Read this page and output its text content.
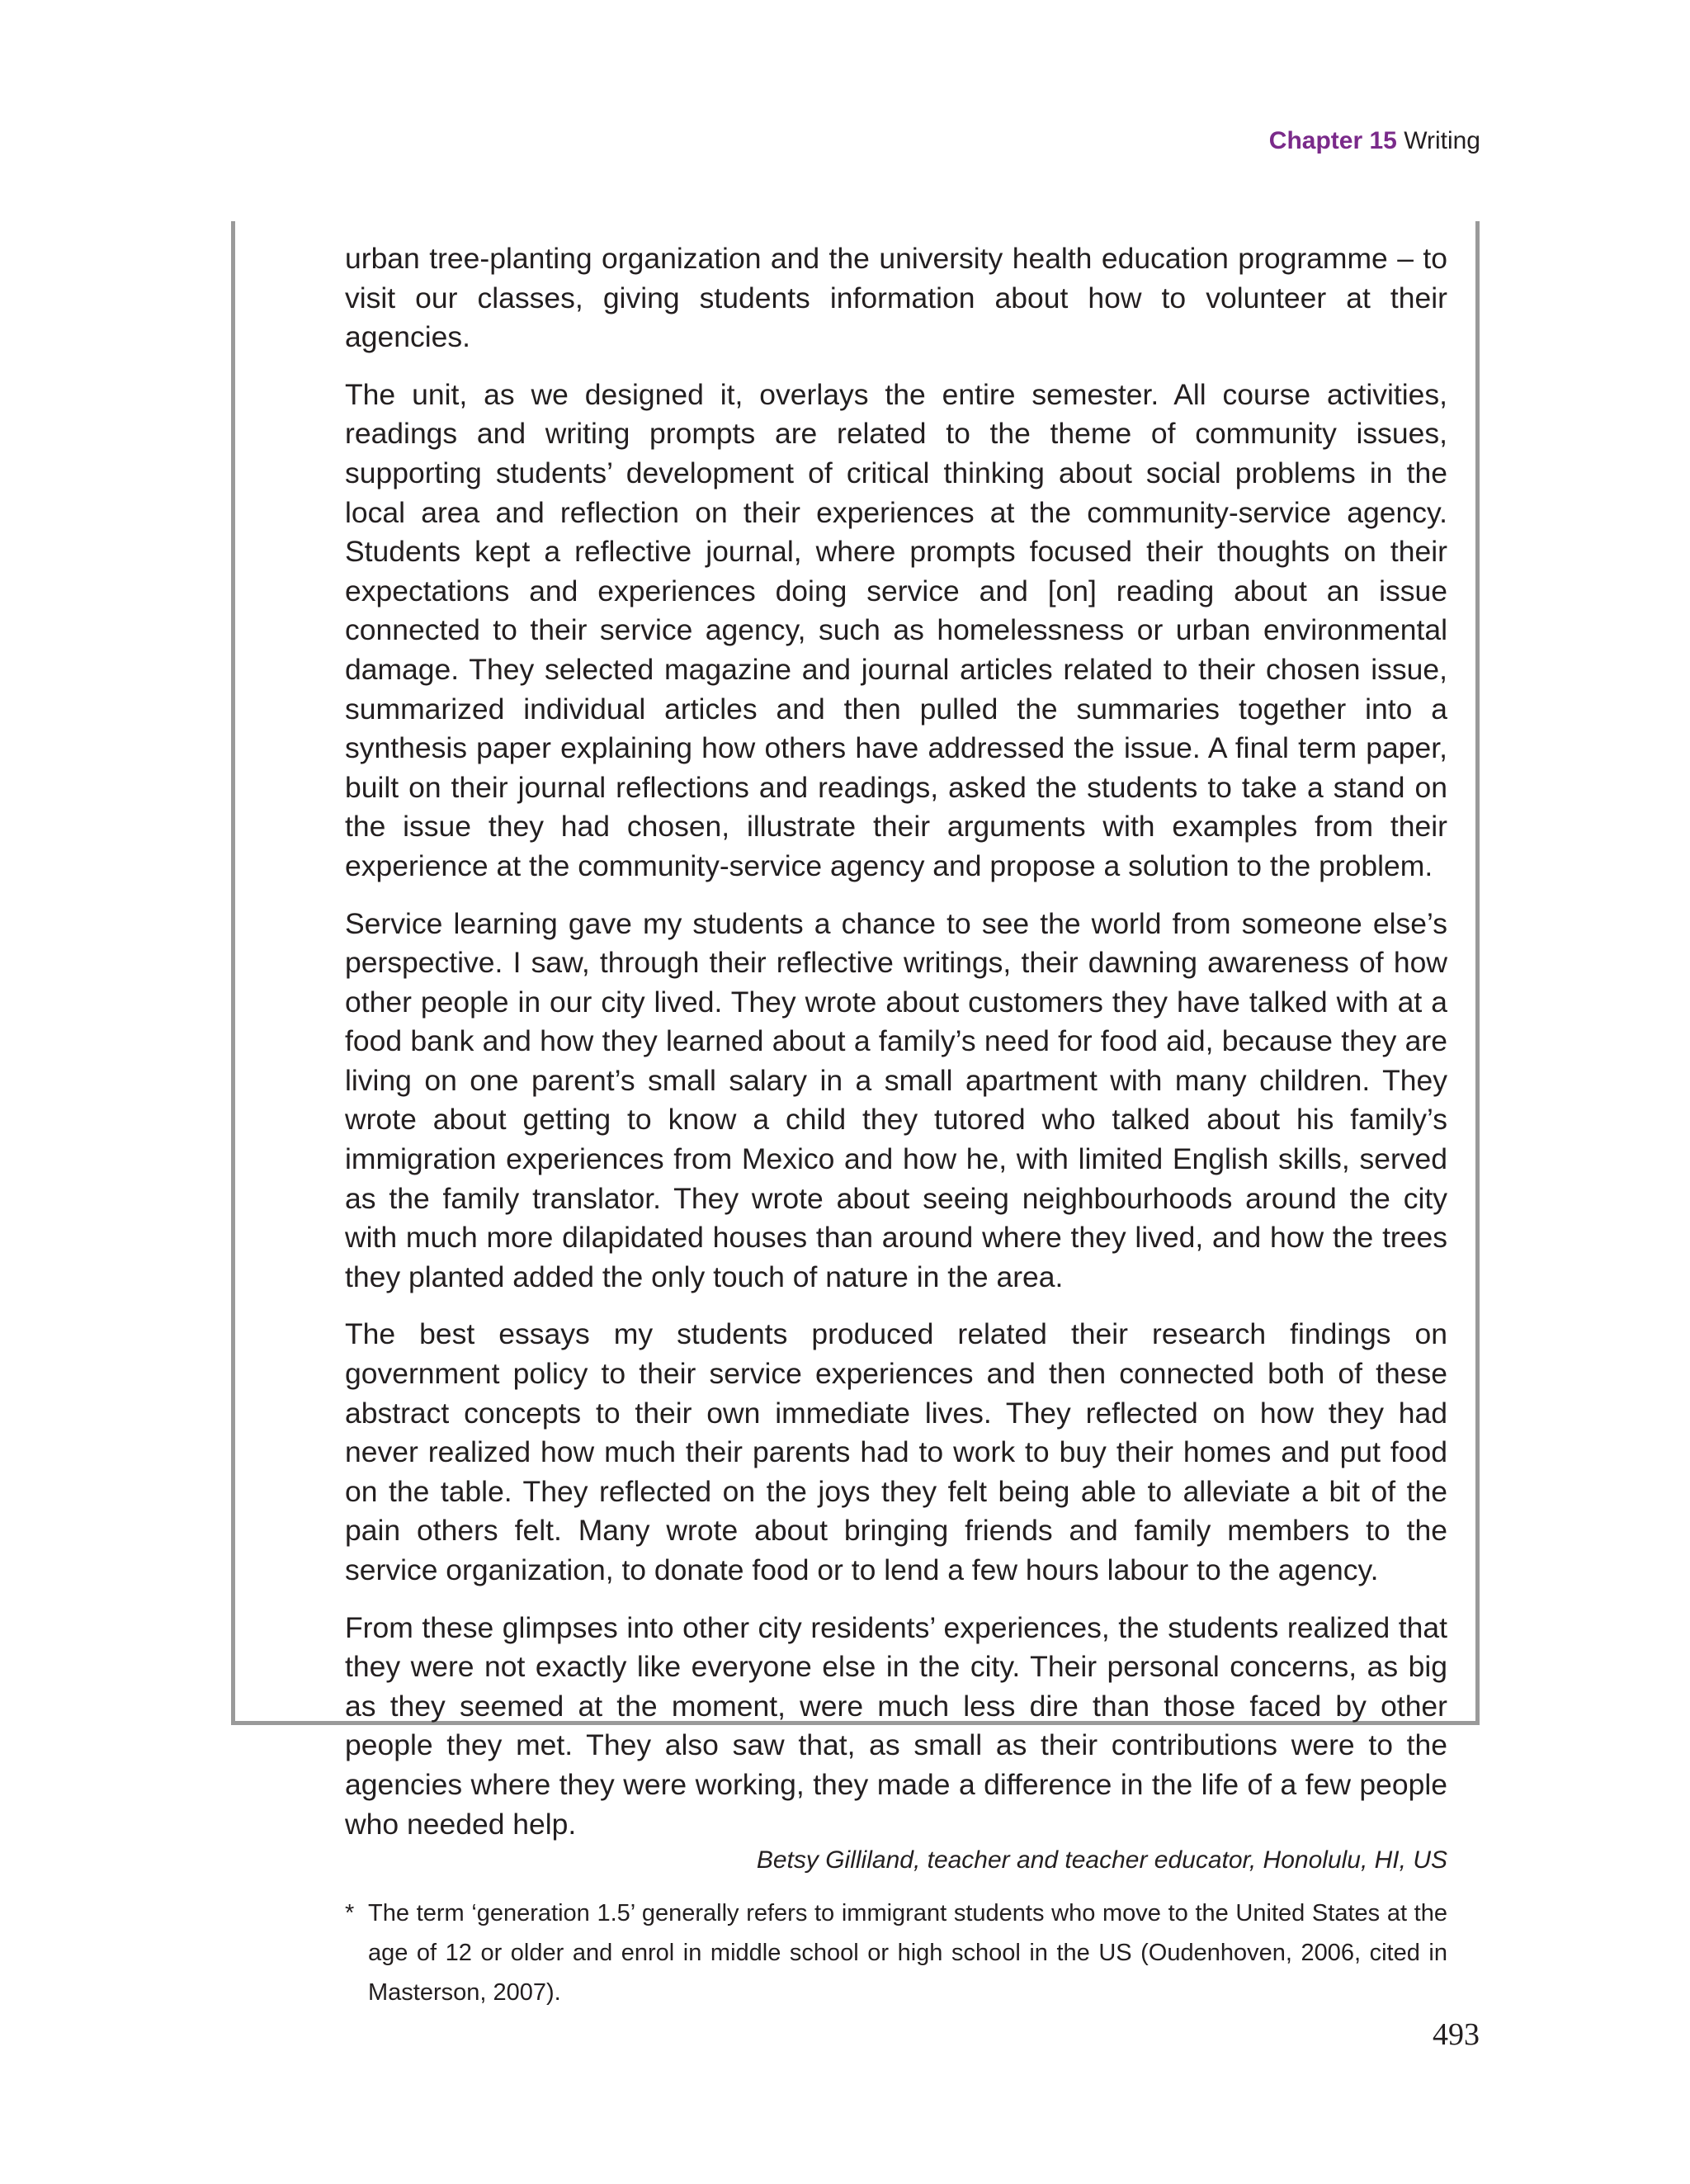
Chapter 15 Writing

urban tree-planting organization and the university health education programme – to visit our classes, giving students information about how to volunteer at their agencies.

The unit, as we designed it, overlays the entire semester. All course activities, readings and writing prompts are related to the theme of community issues, supporting students’ development of critical thinking about social problems in the local area and reflection on their experiences at the community-service agency. Students kept a reflective journal, where prompts focused their thoughts on their expectations and experiences doing service and [on] reading about an issue connected to their service agency, such as homelessness or urban environmental damage. They selected magazine and journal articles related to their chosen issue, summarized individual articles and then pulled the summaries together into a synthesis paper explaining how others have addressed the issue. A final term paper, built on their journal reflections and readings, asked the students to take a stand on the issue they had chosen, illustrate their arguments with examples from their experience at the community-service agency and propose a solution to the problem.

Service learning gave my students a chance to see the world from someone else’s perspective. I saw, through their reflective writings, their dawning awareness of how other people in our city lived. They wrote about customers they have talked with at a food bank and how they learned about a family’s need for food aid, because they are living on one parent’s small salary in a small apartment with many children. They wrote about getting to know a child they tutored who talked about his family’s immigration experiences from Mexico and how he, with limited English skills, served as the family translator. They wrote about seeing neighbourhoods around the city with much more dilapidated houses than around where they lived, and how the trees they planted added the only touch of nature in the area.

The best essays my students produced related their research findings on government policy to their service experiences and then connected both of these abstract concepts to their own immediate lives. They reflected on how they had never realized how much their parents had to work to buy their homes and put food on the table. They reflected on the joys they felt being able to alleviate a bit of the pain others felt. Many wrote about bringing friends and family members to the service organization, to donate food or to lend a few hours labour to the agency.

From these glimpses into other city residents’ experiences, the students realized that they were not exactly like everyone else in the city. Their personal concerns, as big as they seemed at the moment, were much less dire than those faced by other people they met. They also saw that, as small as their contributions were to the agencies where they were working, they made a difference in the life of a few people who needed help.

Betsy Gilliland, teacher and teacher educator, Honolulu, HI, US
* The term ‘generation 1.5’ generally refers to immigrant students who move to the United States at the age of 12 or older and enrol in middle school or high school in the US (Oudenhoven, 2006, cited in Masterson, 2007).
493
